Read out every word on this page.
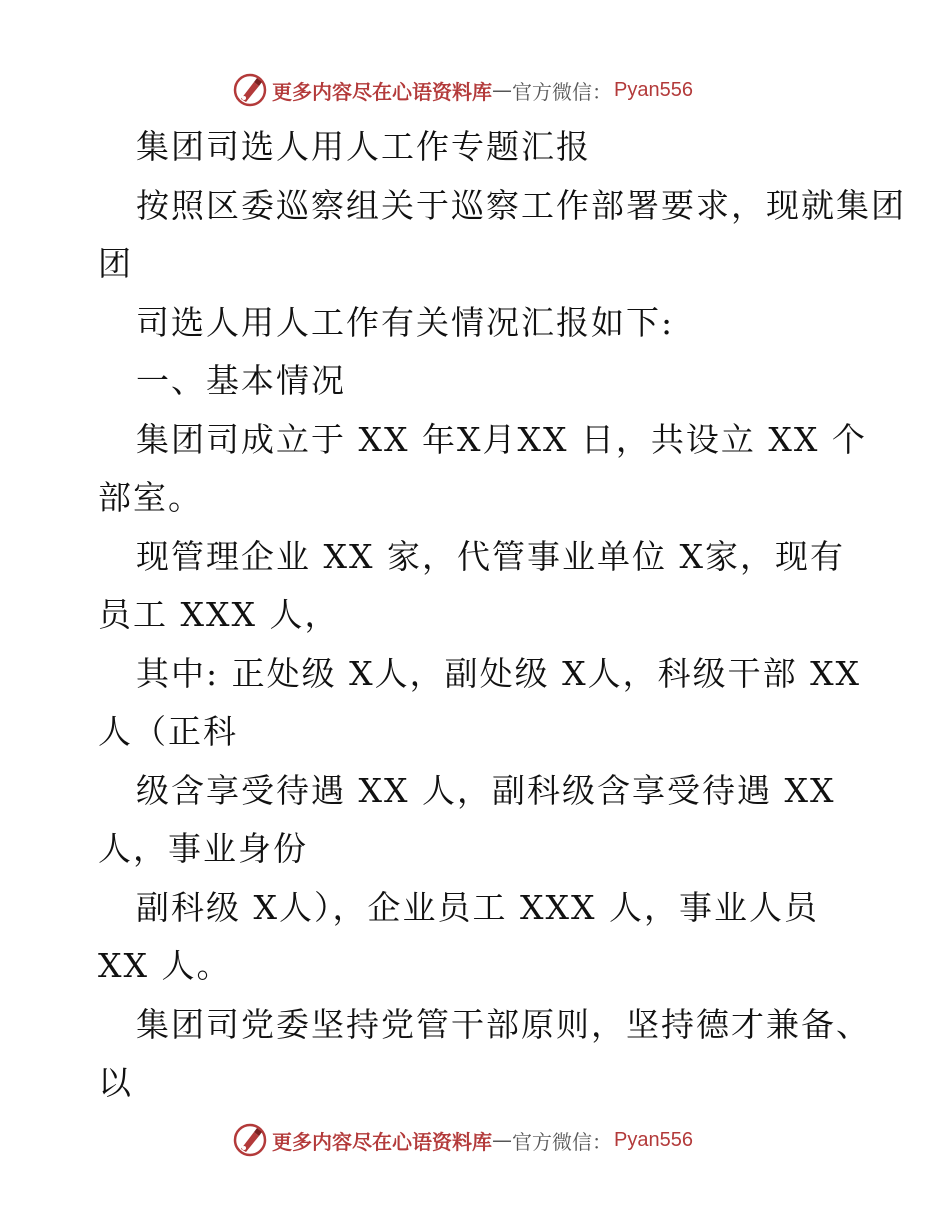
更多内容尽在心语资料库 — 官方微信： Pyan556
集团司选人用人工作专题汇报
按照区委巡察组关于巡察工作部署要求，现就集团
团
司选人用人工作有关情况汇报如下:
一、基本情况
集团司成立于 XX 年X月XX 日，共设立 XX 个
部室。
现管理企业 XX 家，代管事业单位 X家，现有
员工 XXX 人，
其中: 正处级 X人，副处级 X人，科级干部 XX
人（正科
级含享受待遇 XX 人，副科级含享受待遇 XX
人，事业身份
副科级 X人），企业员工 XXX 人，事业人员
XX 人。
集团司党委坚持党管干部原则，坚持德才兼备、
以
更多内容尽在心语资料库 — 官方微信： Pyan556
